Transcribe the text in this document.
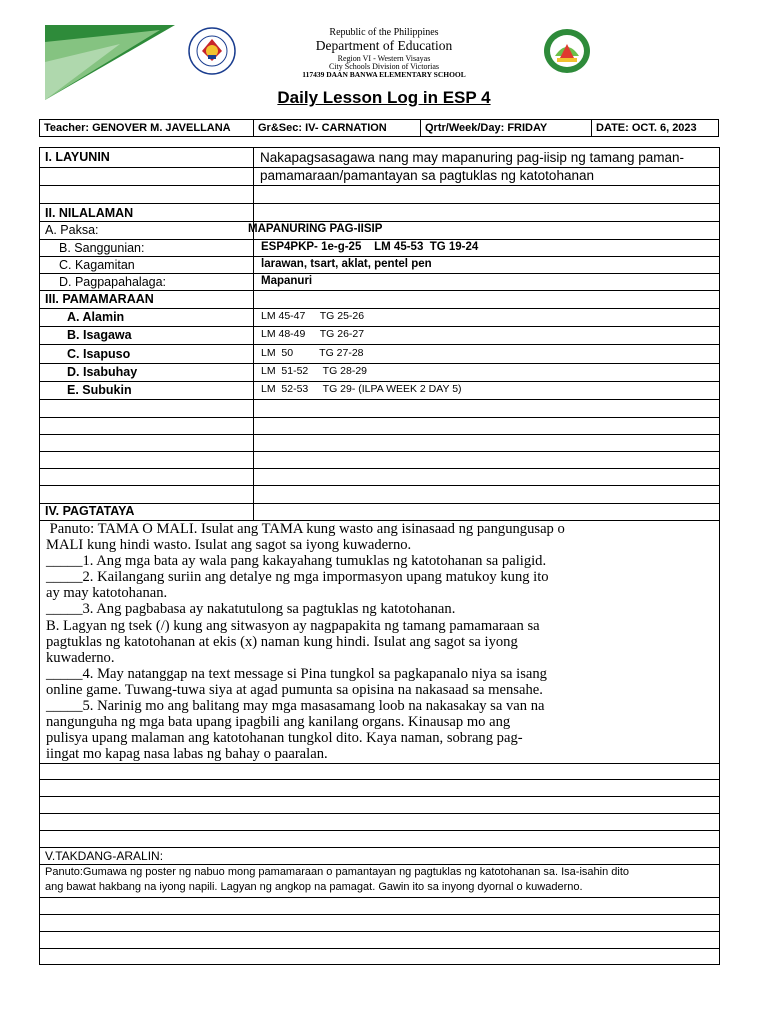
Republic of the Philippines
Department of Education
Region VI - Western Visayas
City Schools Division of Victorias
117439 DAAN BANWA ELEMENTARY SCHOOL
Daily Lesson Log in ESP 4
Teacher: GENOVER M. JAVELLANA	Gr&Sec: IV- CARNATION	Qrtr/Week/Day: FRIDAY	DATE: OCT. 6, 2023
I. LAYUNIN	Nakapagsasagawa nang may mapanuring pag-iisip ng tamang paman-
pamamaraan/pamantayan sa pagtuklas ng katotohanan
II. NILALAMAN
A. Paksa:	MAPANURING PAG-IISIP
B. Sanggunian:	ESP4PKP- 1e-g-25    LM 45-53  TG 19-24
C. Kagamitan	larawan, tsart, aklat, pentel pen
D. Pagpapahalaga:	Mapanuri
III. PAMAMARAAN
A. Alamin	LM 45-47     TG 25-26
B. Isagawa	LM 48-49     TG 26-27
C. Isapuso	LM  50         TG 27-28
D. Isabuhay	LM  51-52     TG 28-29
E. Subukin	LM  52-53     TG 29- (ILPA WEEK 2 DAY 5)
IV. PAGTATAYA
Panuto: TAMA O MALI. Isulat ang TAMA kung wasto ang isinasaad ng pangungusap o
MALI kung hindi wasto. Isulat ang sagot sa iyong kuwaderno.
_____1. Ang mga bata ay wala pang kakayahang tumuklas ng katotohanan sa paligid.
_____2. Kailangang suriin ang detalye ng mga impormasyon upang matukoy kung ito
ay may katotohanan.
_____3. Ang pagbabasa ay nakatutulong sa pagtuklas ng katotohanan.
B. Lagyan ng tsek (/) kung ang sitwasyon ay nagpapakita ng tamang pamamaraan sa
pagtuklas ng katotohanan at ekis (x) naman kung hindi. Isulat ang sagot sa iyong
kuwaderno.
_____4. May natanggap na text message si Pina tungkol sa pagkapanalo niya sa isang
online game. Tuwang-tuwa siya at agad pumunta sa opisina na nakasaad sa mensahe.
_____5. Narinig mo ang balitang may mga masasamang loob na nakasakay sa van na
nangunguha ng mga bata upang ipagbili ang kanilang organs. Kinausap mo ang
pulisya upang malaman ang katotohanan tungkol dito. Kaya naman, sobrang pag-
iingat mo kapag nasa labas ng bahay o paaralan.
V.TAKDANG-ARALIN:
Panuto:Gumawa ng poster ng nabuo mong pamamaraan o pamantayan ng pagtuklas ng katotohanan sa. Isa-isahin dito
ang bawat hakbang na iyong napili. Lagyan ng angkop na pamagat. Gawin ito sa inyong dyornal o kuwaderno.
